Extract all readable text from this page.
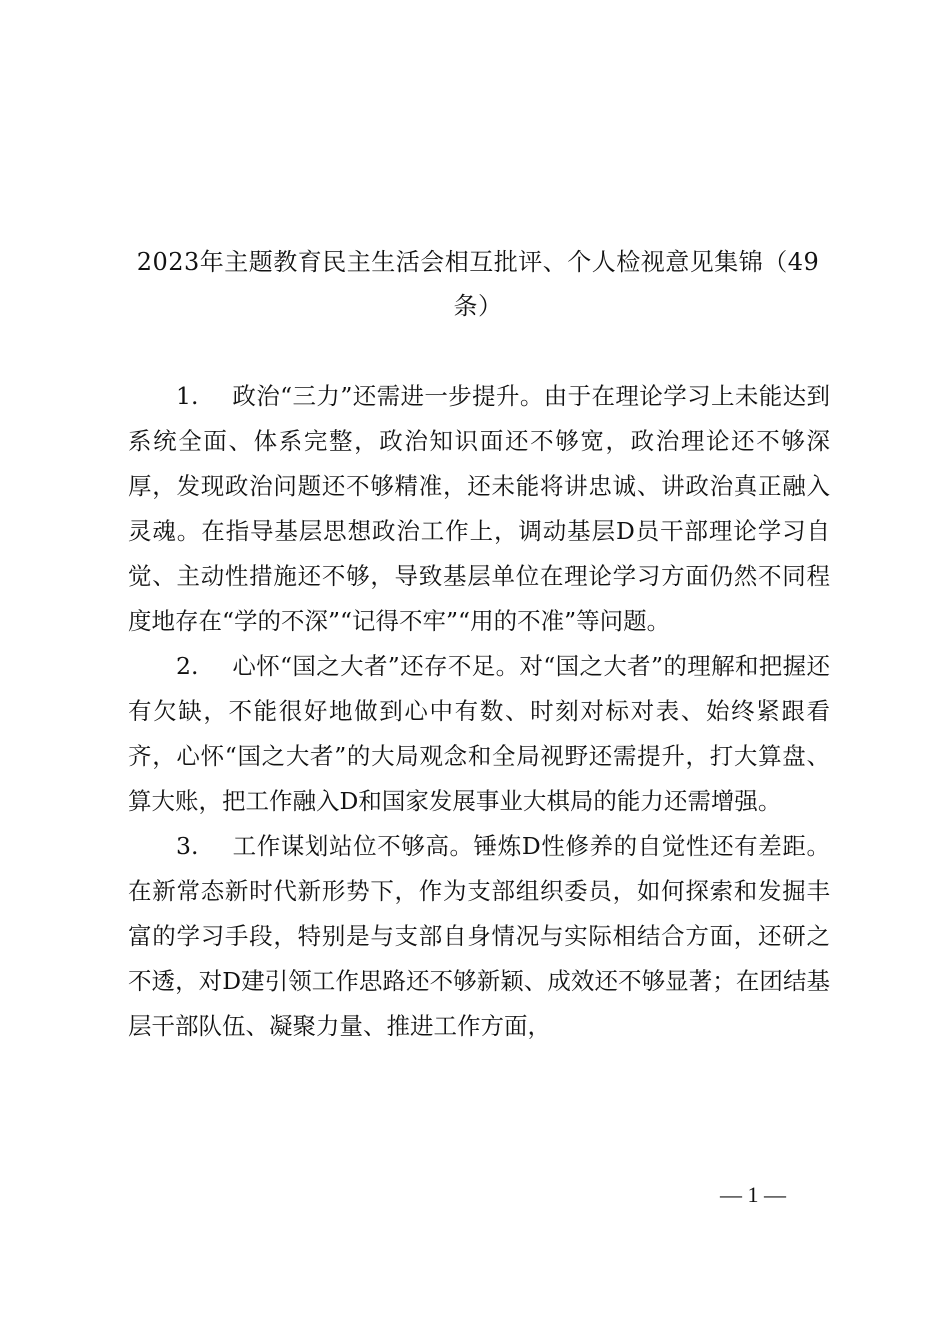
2023年主题教育民主生活会相互批评、个人检视意见集锦（49条）

1. 政治“三力”还需进一步提升。由于在理论学习上未能达到系统全面、体系完整，政治知识面还不够宽，政治理论还不够深厚，发现政治问题还不够精准，还未能将讲忠诚、讲政治真正融入灵魂。在指导基层思想政治工作上，调动基层D员干部理论学习自觉、主动性措施还不够，导致基层单位在理论学习方面仍然不同程度地存在“学的不深”“记得不牢”“用的不准”等问题。

2. 心怀“国之大者”还存不足。对“国之大者”的理解和把握还有欠缺，不能很好地做到心中有数、时刻对标对表、始终紧跟看齐，心怀“国之大者”的大局观念和全局视野还需提升，打大算盘、算大账，把工作融入D和国家发展事业大棋局的能力还需增强。

3. 工作谋划站位不够高。锤炼D性修养的自觉性还有差距。在新常态新时代新形势下，作为支部组织委员，如何探索和发掘丰富的学习手段，特别是与支部自身情况与实际相结合方面，还研之不透，对D建引领工作思路还不够新颖、成效还不够显著；在团结基层干部队伍、凝聚力量、推进工作方面，

— 1 —
